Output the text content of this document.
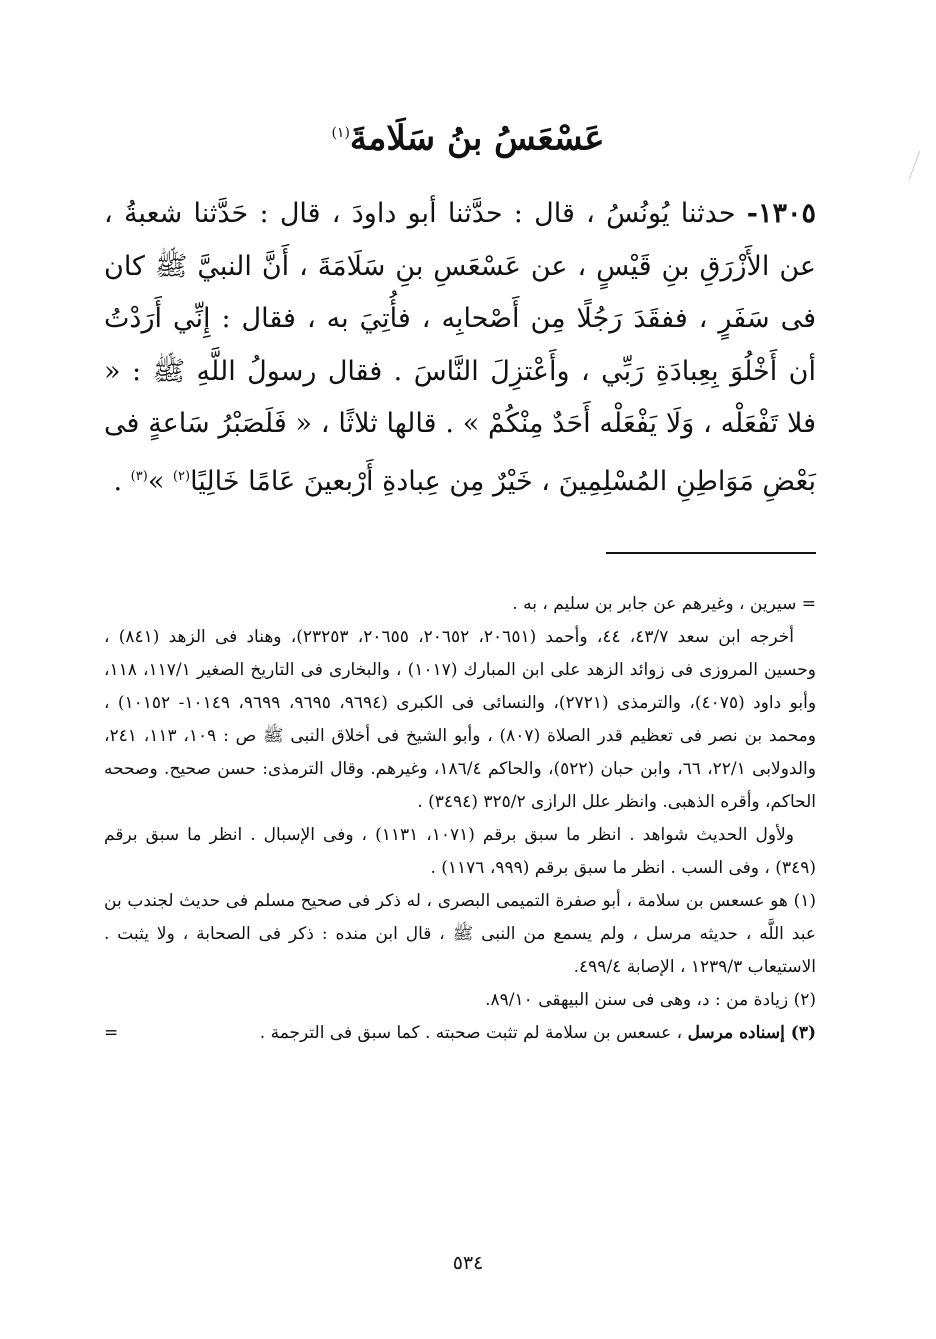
عَسْعَسُ بنُ سَلَامةَ$^{(١)}$
١٣٠٥- حدثنا يُونُسُ ، قال : حدَّثنا أبو داودَ ، قال : حَدَّثنا شعبةُ ، عن الأَزْرَقِ بنِ قَيْسٍ ، عن عَسْعَسِ بنِ سَلَامَةَ ، أَنَّ النبيَّ ﷺ كان فى سَفَرٍ ، ففقَدَ رَجُلًا مِن أَصْحابِه ، فأُتِيَ به ، فقال : إِنِّي أَرَدْتُ أن أَخْلُوَ بِعِبادَةِ رَبِّي ، وأَعْتزِلَ النَّاسَ . فقال رسولُ اللَّهِ ﷺ : « فلا تَفْعَلْه ، وَلَا يَفْعَلْه أَحَدٌ مِنْكُمْ » . قالها ثلاثًا ، « فَلَصَبْرُ سَاعةٍ فى بَعْضِ مَوَاطِنِ المُسْلِمِينَ ، خَيْرٌ مِن عِبادةِ أَرْبعينَ عَامًا خَالِيًا$^{(٢)}$ »$^{(٣)}$ .

= سيرين ، وغيرهم عن جابر بن سليم ، به .

أخرجه ابن سعد ٤٣/٧، ٤٤، وأحمد (٢٠٦٥١، ٢٠٦٥٢، ٢٠٦٥٥، ٢٣٢٥٣)، وهناد فى الزهد (٨٤١) ، وحسين المروزى فى زوائد الزهد على ابن المبارك (١٠١٧) ، والبخارى فى التاريخ الصغير ١١٧/١، ١١٨، وأبو داود (٤٠٧٥)، والترمذى (٢٧٢١)، والنسائى فى الكبرى (٩٦٩٤، ٩٦٩٥، ٩٦٩٩، ١٠١٤٩- ١٠١٥٢) ، ومحمد بن نصر فى تعظيم قدر الصلاة (٨٠٧) ، وأبو الشيخ فى أخلاق النبى ﷺ ص : ١٠٩، ١١٣، ٢٤١، والدولابى ٢٢/١، ٦٦، وابن حبان (٥٢٢)، والحاكم ١٨٦/٤، وغيرهم. وقال الترمذى: حسن صحيح. وصححه الحاكم، وأقره الذهبى. وانظر علل الرازى ٣٢٥/٢ (٣٤٩٤) .

ولأول الحديث شواهد . انظر ما سبق برقم (١٠٧١، ١١٣١) ، وفى الإسبال . انظر ما سبق برقم (٣٤٩) ، وفى السب . انظر ما سبق برقم (٩٩٩، ١١٧٦) .

(١) هو عسعس بن سلامة ، أبو صفرة التميمى البصرى ، له ذكر فى صحيح مسلم فى حديث لجندب بن عبد اللَّه ، حديثه مرسل ، ولم يسمع من النبى ﷺ ، قال ابن منده : ذكر فى الصحابة ، ولا يثبت . الاستيعاب ١٢٣٩/٣ ، الإصابة ٤٩٩/٤.

(٢) زيادة من : د، وهى فى سنن البيهقى ٨٩/١٠.

=	(٣) إسناده مرسل ، عسعس بن سلامة لم تثبت صحبته . كما سبق فى الترجمة .

٥٣٤
